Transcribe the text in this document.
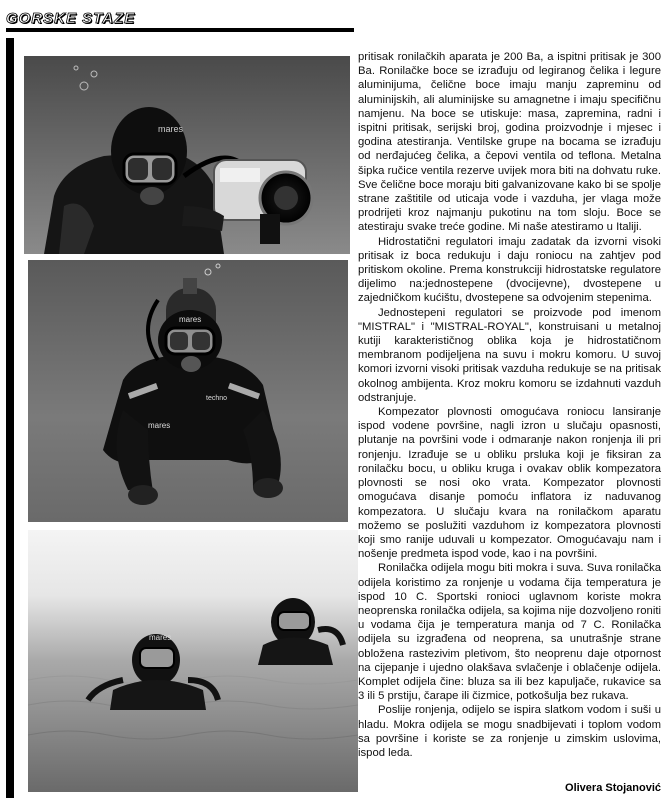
GORSKE STAZE
mares
mares
techno
mares
mares

pritisak ronilačkih aparata je 200 Ba, a ispitni pritisak je 300 Ba. Ronilačke boce se izrađuju od legiranog čelika i legure aluminijuma, čelične boce imaju manju zapreminu od aluminijskih, ali aluminijske su amagnetne i imaju specifičnu namjenu. Na boce se utiskuje: masa, zapremina, radni i ispitni pritisak, serijski broj, godina proizvodnje i mjesec i godina atestiranja. Ventilske grupe na bocama se izrađuju od nerđajućeg čelika, a čepovi ventila od teflona. Metalna šipka ručice ventila rezerve uvijek mora biti na dohvatu ruke. Sve čelične boce moraju biti galvanizovane kako bi se spolje strane zaštitile od uticaja vode i vazduha, jer vlaga može prodrijeti kroz najmanju pukotinu na tom sloju. Boce se atestiraju svake treće godine. Mi naše atestiramo u Italiji.

Hidrostatični regulatori imaju zadatak da izvorni visoki pritisak iz boca redukuju i daju roniocu na zahtjev pod pritiskom okoline. Prema konstrukciji hidrostatske regulatore dijelimo na:jednostepene (dvocijevne), dvostepene u zajedničkom kućištu, dvostepene sa odvojenim stepenima.

Jednostepeni regulatori se proizvode pod imenom "MISTRAL" i "MISTRAL-ROYAL", konstruisani u metalnoj kutiji karakterističnog oblika koja je hidrostatičnom membranom podijeljena na suvu i mokru komoru. U suvoj komori izvorni visoki pritisak vazduha redukuje se na pritisak okolnog ambijenta. Kroz mokru komoru se izdahnuti vazduh odstranjuje.

Kompezator plovnosti omogućava roniocu lansiranje ispod vodene površine, nagli izron u slučaju opasnosti, plutanje na površini vode i odmaranje nakon ronjenja ili pri ronjenju. Izrađuje se u obliku prsluka koji je fiksiran za ronilačku bocu, u obliku kruga i ovakav oblik kompezatora plovnosti se nosi oko vrata. Kompezator plovnosti omogućava disanje pomoću inflatora iz naduvanog kompezatora. U slučaju kvara na ronilačkom aparatu možemo se poslužiti vazduhom iz kompezatora plovnosti koji smo ranije uduvali u kompezator. Omogućavaju nam i nošenje predmeta ispod vode, kao i na površini.

Ronilačka odijela mogu biti mokra i suva. Suva ronilačka odijela koristimo za ronjenje u vodama čija temperatura je ispod 10 C. Sportski ronioci uglavnom koriste mokra neoprenska ronilačka odijela, sa kojima nije dozvoljeno roniti u vodama čija je temperatura manja od 7 C. Ronilačka odijela su izgrađena od neoprena, sa unutrašnje strane obložena rastezivim pletivom, što neoprenu daje otpornost na cijepanje i ujedno olakšava svlačenje i oblačenje odijela. Komplet odijela čine: bluza sa ili bez kapuljače, rukavice sa 3 ili 5 prstiju, čarape ili čizmice, potkošulja bez rukava.

Poslije ronjenja, odijelo se ispira slatkom vodom i suši u hladu. Mokra odijela se mogu snadbijevati i toplom vodom sa površine i koriste se za ronjenje u zimskim uslovima, ispod leda.

Olivera Stojanović
